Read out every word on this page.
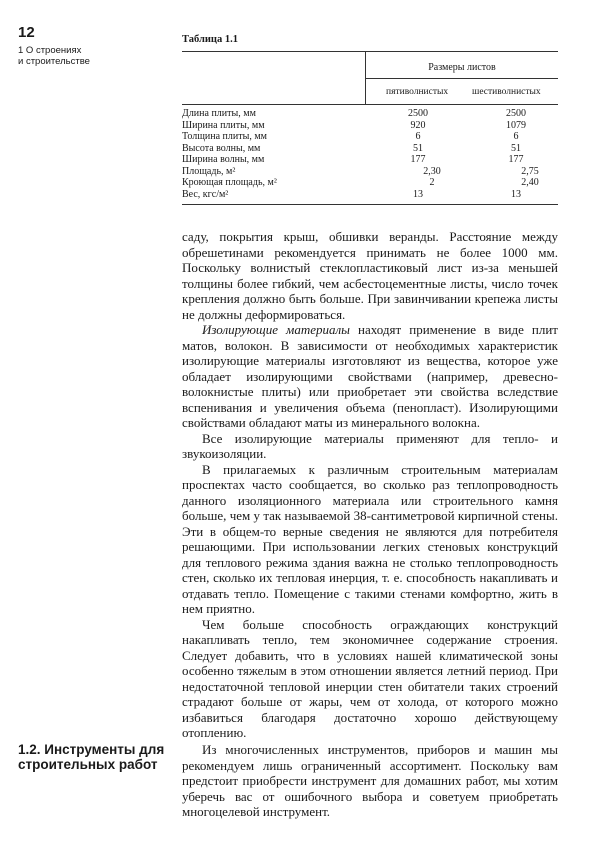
12
1 О строениях
и строительстве
Таблица 1.1
Размеры листов
пятиволнистых	шестиволнистых
Длина плиты, мм	2500	2500
Ширина плиты, мм	920	1079
Толщина плиты, мм	6	6
Высота волны, мм	51	51
Ширина волны, мм	177	177
Площадь, м²	2,30	2,75
Кроющая площадь, м²	2	2,40
Вес, кгс/м²	13	13

саду, покрытия крыш, обшивки веранды. Расстояние между обрешетинами рекомендуется принимать не более 1000 мм. Поскольку волнистый стеклопластиковый лист из-за меньшей толщины более гибкий, чем асбестоцементные листы, число точек крепления должно быть больше. При завинчивании крепежа листы не должны деформироваться.

Изолирующие материалы находят применение в виде плит матов, волокон. В зависимости от необходимых характеристик изолирующие материалы изготовляют из вещества, которое уже обладает изолирующими свойствами (например, древесно-волокнистые плиты) или приобретает эти свойства вследствие вспенивания и увеличения объема (пенопласт). Изолирующими свойствами обладают маты из минерального волокна.

Все изолирующие материалы применяют для тепло- и звукоизоляции.

В прилагаемых к различным строительным материалам проспектах часто сообщается, во сколько раз теплопроводность данного изоляционного материала или строительного камня больше, чем у так называемой 38-сантиметровой кирпичной стены. Эти в общем-то верные сведения не являются для потребителя решающими. При использовании легких стеновых конструкций для теплового режима здания важна не столько теплопроводность стен, сколько их тепловая инерция, т. е. способность накапливать и отдавать тепло. Помещение с такими стенами комфортно, жить в нем приятно.

Чем больше способность ограждающих конструкций накапливать тепло, тем экономичнее содержание строения. Следует добавить, что в условиях нашей климатической зоны особенно тяжелым в этом отношении является летний период. При недостаточной тепловой инерции стен обитатели таких строений страдают больше от жары, чем от холода, от которого можно избавиться благодаря достаточно хорошо действующему отоплению.

1.2. Инструменты для строительных работ

Из многочисленных инструментов, приборов и машин мы рекомендуем лишь ограниченный ассортимент. Поскольку вам предстоит приобрести инструмент для домашних работ, мы хотим уберечь вас от ошибочного выбора и советуем приобретать многоцелевой инструмент.
